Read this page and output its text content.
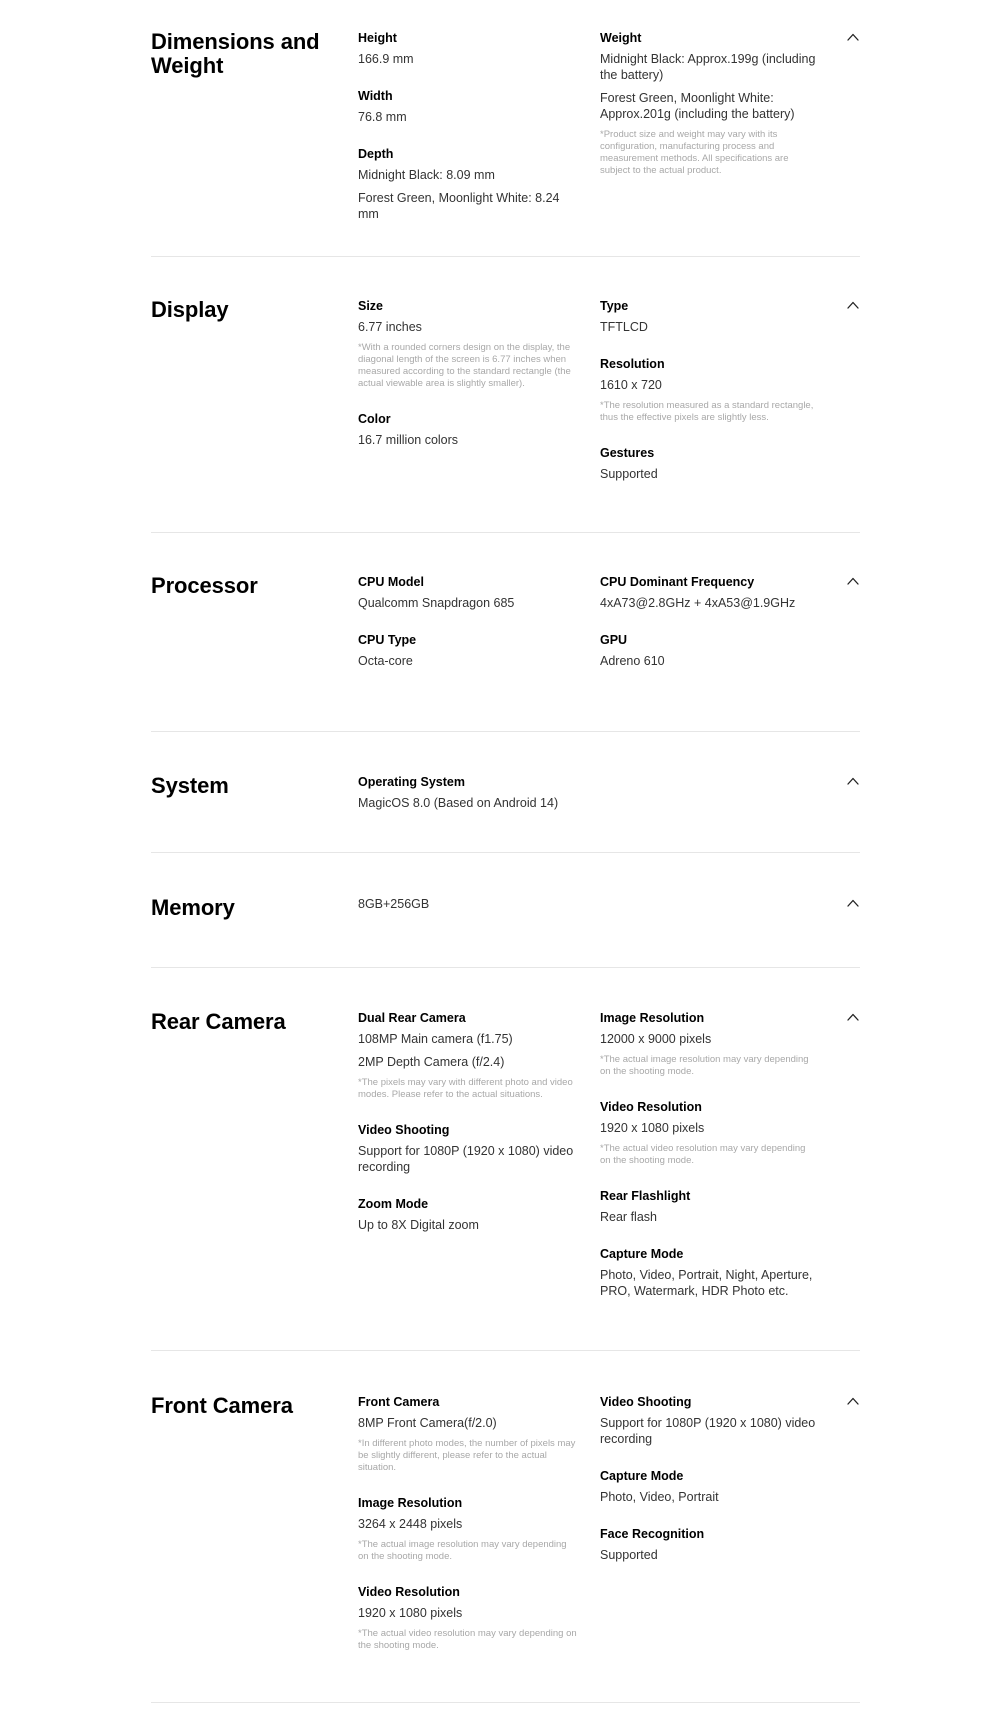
Dimensions and Weight
Height
166.9 mm
Width
76.8 mm
Depth
Midnight Black: 8.09 mm
Forest Green, Moonlight White: 8.24 mm
Weight
Midnight Black: Approx.199g (including the battery)
Forest Green, Moonlight White: Approx.201g (including the battery)
*Product size and weight may vary with its configuration, manufacturing process and measurement methods. All specifications are subject to the actual product.
Display	Size
6.77 inches
*With a rounded corners design on the display, the diagonal length of the screen is 6.77 inches when measured according to the standard rectangle (the actual viewable area is slightly smaller).
Color
16.7 million colors
Type
TFTLCD
Resolution
1610 x 720
*The resolution measured as a standard rectangle, thus the effective pixels are slightly less.
Gestures
Supported
Processor	CPU Model
Qualcomm Snapdragon 685
CPU Type
Octa-core
CPU Dominant Frequency
4xA73@2.8GHz + 4xA53@1.9GHz
GPU
Adreno 610
System	Operating System
MagicOS 8.0 (Based on Android 14)
Memory	8GB+256GB
Rear Camera	Dual Rear Camera
108MP Main camera (f1.75)
2MP Depth Camera (f/2.4)
*The pixels may vary with different photo and video modes. Please refer to the actual situations.
Video Shooting
Support for 1080P (1920 x 1080) video recording
Zoom Mode
Up to 8X Digital zoom
Image Resolution
12000 x 9000 pixels
*The actual image resolution may vary depending on the shooting mode.
Video Resolution
1920 x 1080 pixels
*The actual video resolution may vary depending on the shooting mode.
Rear Flashlight
Rear flash
Capture Mode
Photo, Video, Portrait, Night, Aperture, PRO, Watermark, HDR Photo etc.
Front Camera	Front Camera
8MP Front Camera(f/2.0)
*In different photo modes, the number of pixels may be slightly different, please refer to the actual situation.
Image Resolution
3264 x 2448 pixels
*The actual image resolution may vary depending on the shooting mode.
Video Resolution
1920 x 1080 pixels
*The actual video resolution may vary depending on the shooting mode.
Video Shooting
Support for 1080P (1920 x 1080) video recording
Capture Mode
Photo, Video, Portrait
Face Recognition
Supported
